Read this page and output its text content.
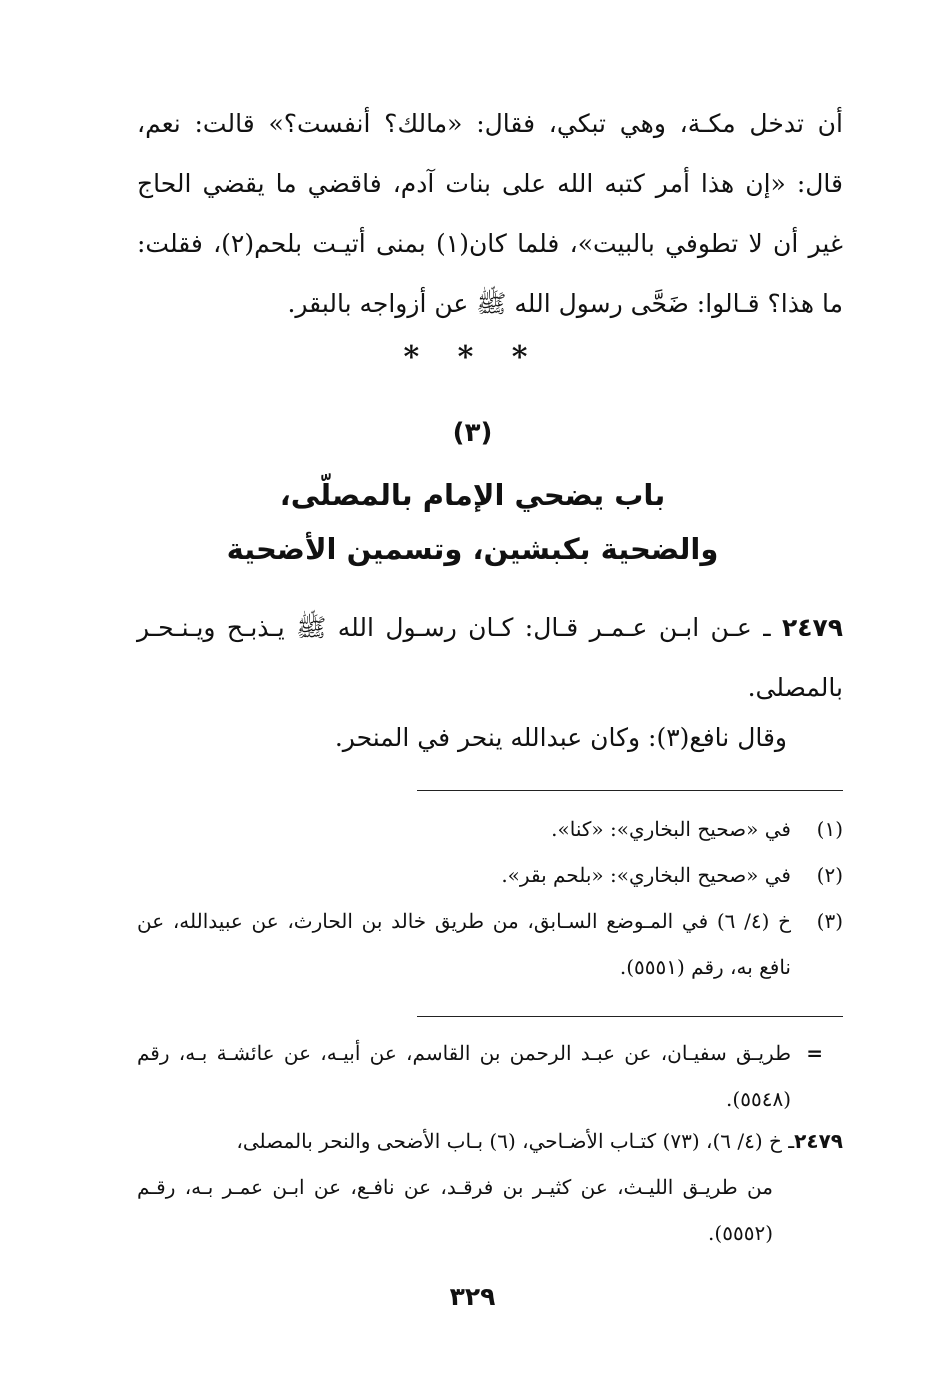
أن تدخل مكـة، وهي تبكي، فقال: «مالك؟ أنفست؟» قالت: نعم، قال: «إن هذا أمر كتبه الله على بنات آدم، فاقضي ما يقضي الحاج غير أن لا تطوفي بالبيت»، فلما كان(١) بمنى أتيـت بلحم(٢)، فقلت: ما هذا؟ قـالوا: ضَحَّى رسول الله ﷺ عن أزواجه بالبقر.

* * *
(٣)
باب يضحي الإمام بالمصلّى،
والضحية بكبشين، وتسمين الأضحية

٢٤٧٩ ـ عـن ابـن عـمـر قـال: كـان رسـول الله ﷺ يـذبـح ويـنـحـر بالمصلى.

وقال نافع(٣): وكان عبدالله ينحر في المنحر.

(١)
في «صحيح البخاري»: «كنا».
(٢)
في «صحيح البخاري»: «بلحم بقر».
(٣)
خ (٤/ ٦) في المـوضع السـابق، من طريق خالد بن الحارث، عن عبيدالله، عن نافع به، رقم (٥٥٥١).
=
طريـق سفيـان، عن عبـد الرحمن بن القاسم، عن أبيـه، عن عائشـة بـه، رقم (٥٥٤٨).
٢٤٧٩ـ خ (٤/ ٦)، (٧٣) كتـاب الأضـاحي، (٦) بـاب الأضحى والنحر بالمصلى،
من طريـق الليـث، عن كثيـر بن فرقـد، عن نافـع، عن ابـن عمـر بـه، رقـم (٥٥٥٢).
٣٢٩
